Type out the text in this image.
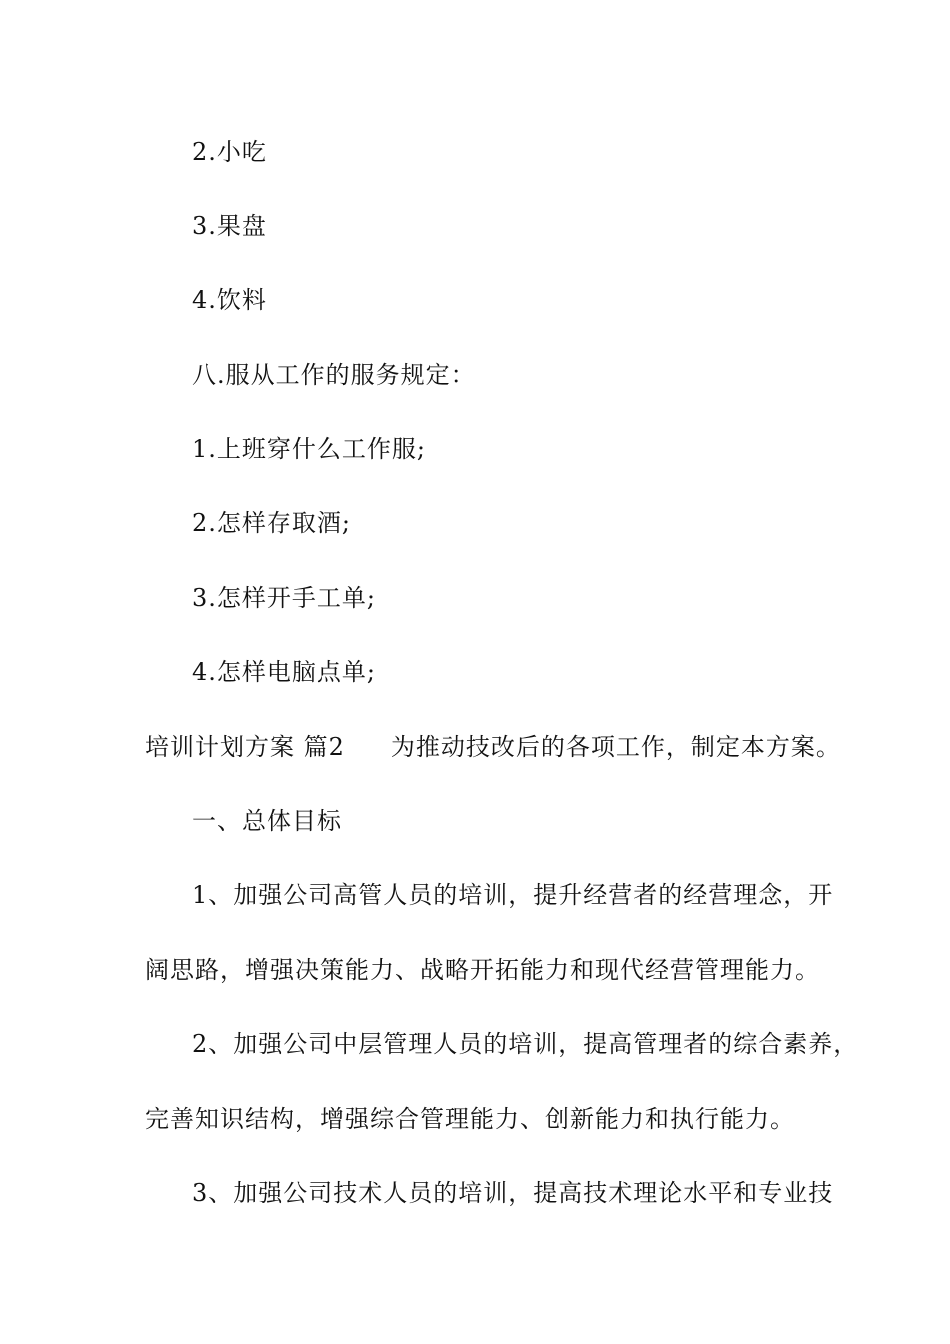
2.小吃
3.果盘
4.饮料
八.服从工作的服务规定：
1.上班穿什么工作服;
2.怎样存取酒;
3.怎样开手工单;
4.怎样电脑点单;
培训计划方案 篇2 为推动技改后的各项工作，制定本方案。
一、总体目标
1、加强公司高管人员的培训，提升经营者的经营理念，开
阔思路，增强决策能力、战略开拓能力和现代经营管理能力。
2、加强公司中层管理人员的培训，提高管理者的综合素养，
完善知识结构，增强综合管理能力、创新能力和执行能力。
3、加强公司技术人员的培训，提高技术理论水平和专业技
